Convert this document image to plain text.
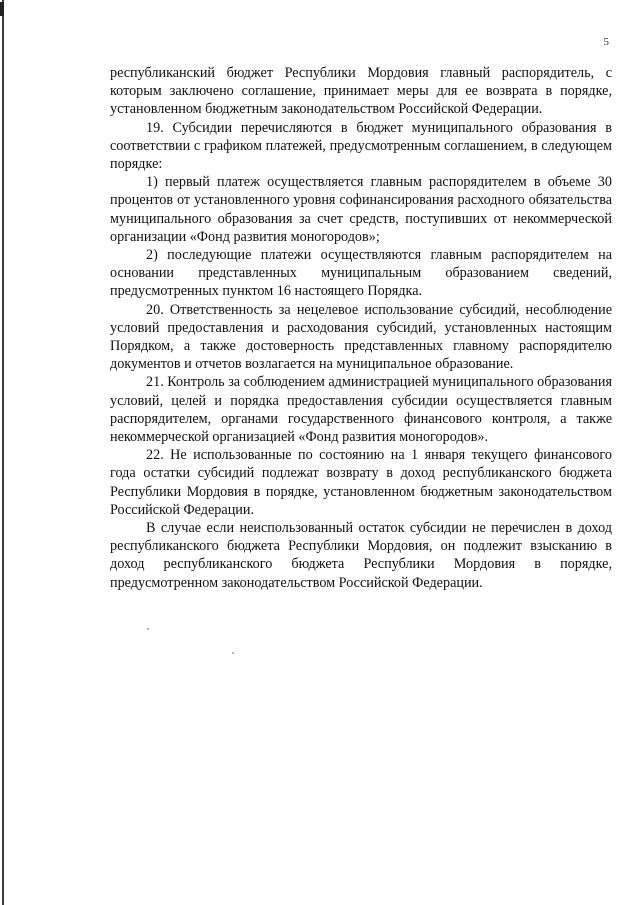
5

республиканский бюджет Республики Мордовия главный распорядитель, с которым заключено соглашение, принимает меры для ее возврата в порядке, установленном бюджетным законодательством Российской Федерации.

19. Субсидии перечисляются в бюджет муниципального образования в соответствии с графиком платежей, предусмотренным соглашением, в следующем порядке:

1) первый платеж осуществляется главным распорядителем в объеме 30 процентов от установленного уровня софинансирования расходного обязательства муниципального образования за счет средств, поступивших от некоммерческой организации «Фонд развития моногородов»;

2) последующие платежи осуществляются главным распорядителем на основании представленных муниципальным образованием сведений, предусмотренных пунктом 16 настоящего Порядка.

20. Ответственность за нецелевое использование субсидий, несоблюдение условий предоставления и расходования субсидий, установленных настоящим Порядком, а также достоверность представленных главному распорядителю документов и отчетов возлагается на муниципальное образование.

21. Контроль за соблюдением администрацией муниципального образования условий, целей и порядка предоставления субсидии осуществляется главным распорядителем, органами государственного финансового контроля, а также некоммерческой организацией «Фонд развития моногородов».

22. Не использованные по состоянию на 1 января текущего финансового года остатки субсидий подлежат возврату в доход республиканского бюджета Республики Мордовия в порядке, установленном бюджетным законодательством Российской Федерации.

В случае если неиспользованный остаток субсидии не перечислен в доход республиканского бюджета Республики Мордовия, он подлежит взысканию в доход республиканского бюджета Республики Мордовия в порядке, предусмотренном законодательством Российской Федерации.
